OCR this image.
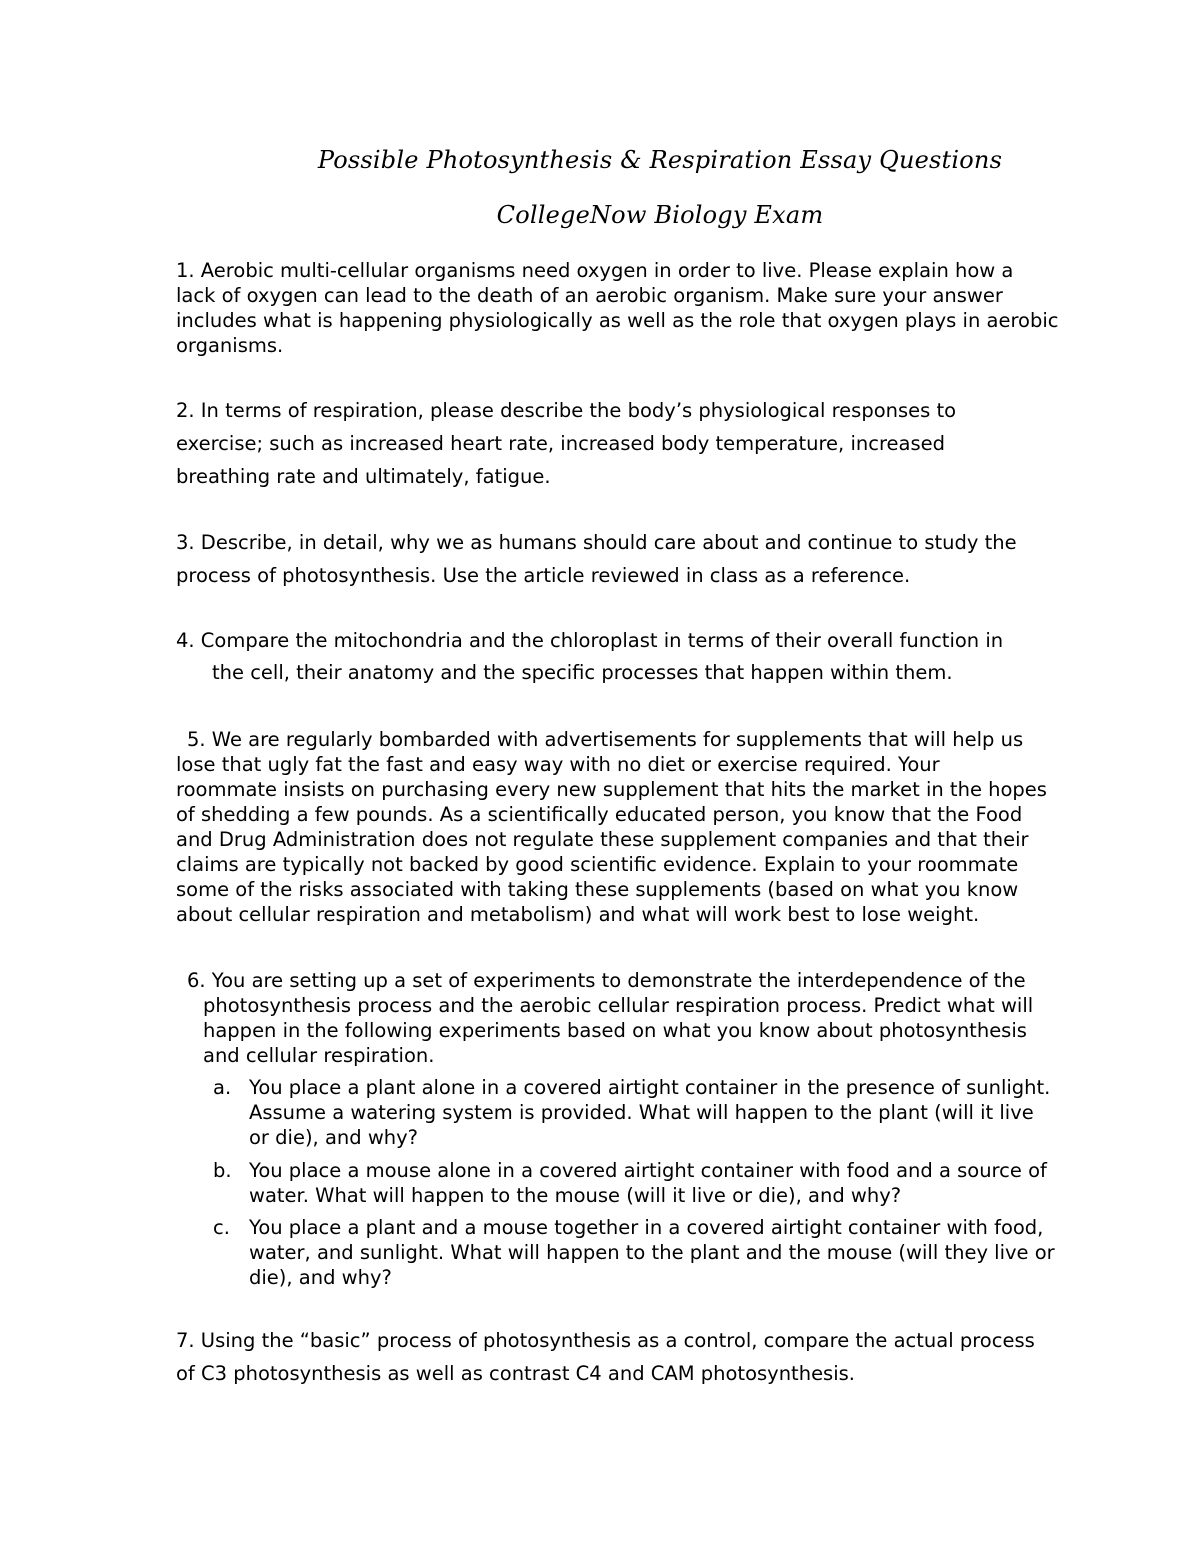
Possible Photosynthesis & Respiration Essay Questions
CollegeNow Biology Exam
1. Aerobic multi-cellular organisms need oxygen in order to live. Please explain how a
lack of oxygen can lead to the death of an aerobic organism. Make sure your answer
includes what is happening physiologically as well as the role that oxygen plays in aerobic
organisms.
2. In terms of respiration, please describe the body’s physiological responses to
exercise; such as increased heart rate, increased body temperature, increased
breathing rate and ultimately, fatigue.
3. Describe, in detail, why we as humans should care about and continue to study the
process of photosynthesis. Use the article reviewed in class as a reference.
4. Compare the mitochondria and the chloroplast in terms of their overall function in
the cell, their anatomy and the specific processes that happen within them.
5. We are regularly bombarded with advertisements for supplements that will help us
lose that ugly fat the fast and easy way with no diet or exercise required. Your
roommate insists on purchasing every new supplement that hits the market in the hopes
of shedding a few pounds. As a scientifically educated person, you know that the Food
and Drug Administration does not regulate these supplement companies and that their
claims are typically not backed by good scientific evidence. Explain to your roommate
some of the risks associated with taking these supplements (based on what you know
about cellular respiration and metabolism) and what will work best to lose weight.
6. You are setting up a set of experiments to demonstrate the interdependence of the
photosynthesis process and the aerobic cellular respiration process. Predict what will
happen in the following experiments based on what you know about photosynthesis
and cellular respiration.
a. You place a plant alone in a covered airtight container in the presence of sunlight.
Assume a watering system is provided. What will happen to the plant (will it live
or die), and why?
b. You place a mouse alone in a covered airtight container with food and a source of
water. What will happen to the mouse (will it live or die), and why?
c. You place a plant and a mouse together in a covered airtight container with food,
water, and sunlight. What will happen to the plant and the mouse (will they live or
die), and why?
7. Using the “basic” process of photosynthesis as a control, compare the actual process
of C3 photosynthesis as well as contrast C4 and CAM photosynthesis.
